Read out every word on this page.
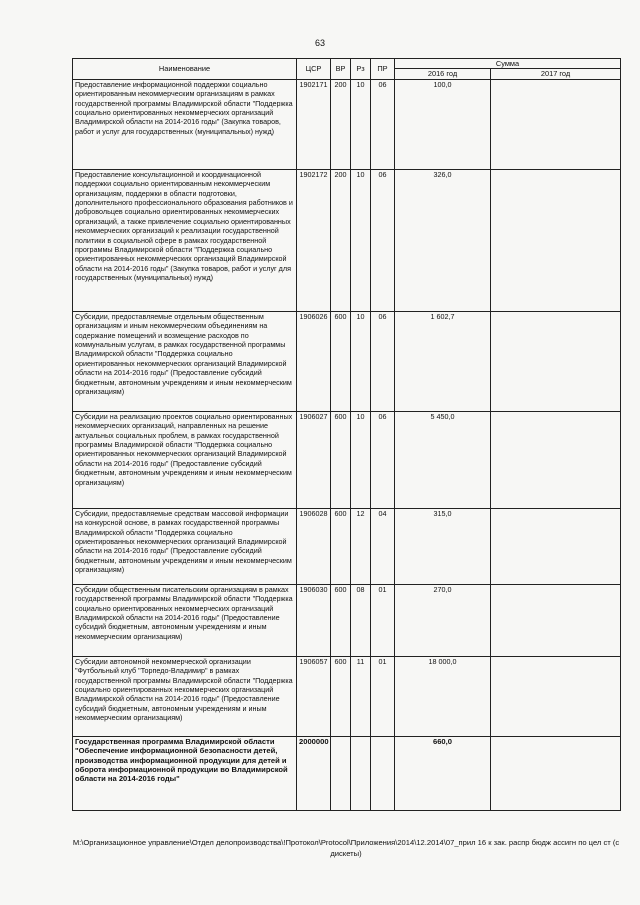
63
Наименование	ЦСР	ВР	Рз	ПР	Сумма	
					2016 год	2017 год
Предоставление информационной поддержки социально ориентированным некоммерческим организациям в рамках государственной программы Владимирской области "Поддержка социально ориентированных некоммерческих организаций Владимирской области на 2014-2016 годы" (Закупка товаров, работ и услуг для государственных (муниципальных) нужд)	1902171	200	10	06	100,0	
Предоставление консультационной и координационной поддержки социально ориентированным некоммерческим организациям, поддержки в области подготовки, дополнительного профессионального образования работников и добровольцев социально ориентированных некоммерческих организаций, а также привлечение социально ориентированных некоммерческих организаций к реализации государственной политики в социальной сфере в рамках государственной программы Владимирской области "Поддержка социально ориентированных некоммерческих организаций Владимирской области на 2014-2016 годы" (Закупка товаров, работ и услуг для государственных (муниципальных) нужд)	1902172	200	10	06	326,0	
Субсидии, предоставляемые отдельным общественным организациям и иным некоммерческим объединениям на содержание помещений и возмещение расходов по коммунальным услугам, в рамках государственной программы Владимирской области "Поддержка социально ориентированных некоммерческих организаций Владимирской области на 2014-2016 годы" (Предоставление субсидий бюджетным, автономным учреждениям и иным некоммерческим организациям)	1906026	600	10	06	1 602,7	
Субсидии на реализацию проектов социально ориентированных некоммерческих организаций, направленных на решение актуальных социальных проблем, в рамках государственной программы Владимирской области "Поддержка социально ориентированных некоммерческих организаций Владимирской области на 2014-2016 годы" (Предоставление субсидий бюджетным, автономным учреждениям и иным некоммерческим организациям)	1906027	600	10	06	5 450,0	
Субсидии, предоставляемые средствам массовой информации на конкурсной основе, в рамках государственной программы Владимирской области "Поддержка социально ориентированных некоммерческих организаций Владимирской области на 2014-2016 годы" (Предоставление субсидий бюджетным, автономным учреждениям и иным некоммерческим организациям)	1906028	600	12	04	315,0	
Субсидии общественным писательским организациям в рамках государственной программы Владимирской области "Поддержка социально ориентированных некоммерческих организаций Владимирской области на 2014-2016 годы" (Предоставление субсидий бюджетным, автономным учреждениям и иным некоммерческим организациям)	1906030	600	08	01	270,0	
Субсидии автономной некоммерческой организации "Футбольный клуб "Торпедо-Владимир" в рамках государственной программы Владимирской области "Поддержка социально ориентированных некоммерческих организаций Владимирской области на 2014-2016 годы" (Предоставление субсидий бюджетным, автономным учреждениям и иным некоммерческим организациям)	1906057	600	11	01	18 000,0	
Государственная программа Владимирской области "Обеспечение информационной безопасности детей, производства информационной продукции для детей и оборота информационной продукции во Владимирской области на 2014-2016 годы"	2000000				660,0	
M:\Организационное управление\Отдел делопроизводства\!Протокол\Protocol\Приложения\2014\12.2014\07_прил 16 к зак. распр бюдж ассигн по цел ст (с дискеты)
